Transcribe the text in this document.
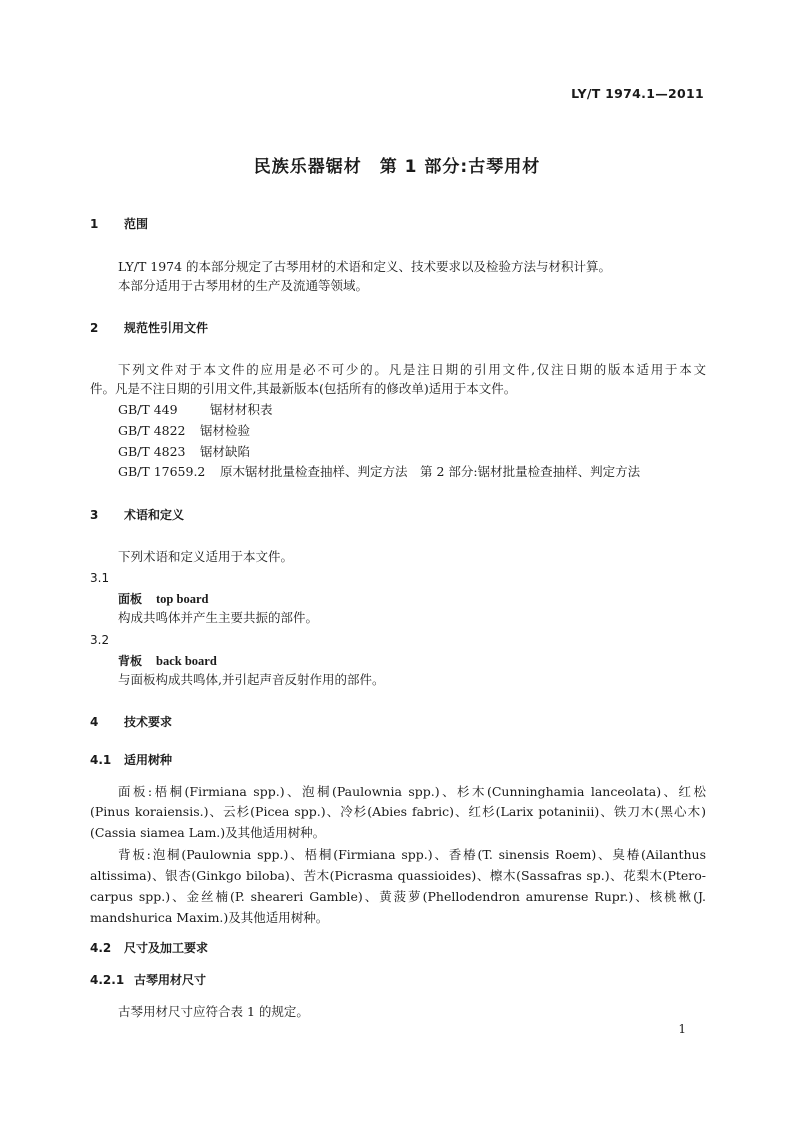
LY/T 1974.1—2011
民族乐器锯材　第 1 部分:古琴用材
1 范围
LY/T 1974 的本部分规定了古琴用材的术语和定义、技术要求以及检验方法与材积计算。
本部分适用于古琴用材的生产及流通等领域。
2 规范性引用文件
下列文件对于本文件的应用是必不可少的。凡是注日期的引用文件,仅注日期的版本适用于本文
件。凡是不注日期的引用文件,其最新版本(包括所有的修改单)适用于本文件。
GB/T 449	锯材材积表
GB/T 4822 锯材检验
GB/T 4823 锯材缺陷
GB/T 17659.2 原木锯材批量检查抽样、判定方法　第 2 部分:锯材批量检查抽样、判定方法
3 术语和定义
下列术语和定义适用于本文件。
3.1
面板 top board
构成共鸣体并产生主要共振的部件。
3.2
背板 back board
与面板构成共鸣体,并引起声音反射作用的部件。
4 技术要求
4.1 适用树种
面板:梧桐(Firmiana spp.)、泡桐(Paulownia spp.)、杉木(Cunninghamia lanceolata)、红松
(Pinus koraiensis.)、云杉(Picea spp.)、冷杉(Abies fabric)、红杉(Larix potaninii)、铁刀木(黑心木)
(Cassia siamea Lam.)及其他适用树种。
背板:泡桐(Paulownia spp.)、梧桐(Firmiana spp.)、香椿(T. sinensis Roem)、臭椿(Ailanthus
altissima)、银杏(Ginkgo biloba)、苦木(Picrasma quassioides)、檫木(Sassafras sp.)、花梨木(Ptero-
carpus spp.)、金丝楠(P. sheareri Gamble)、黄菠萝(Phellodendron amurense Rupr.)、核桃楸(J.
mandshurica Maxim.)及其他适用树种。
4.2 尺寸及加工要求
4.2.1 古琴用材尺寸
古琴用材尺寸应符合表 1 的规定。
1
